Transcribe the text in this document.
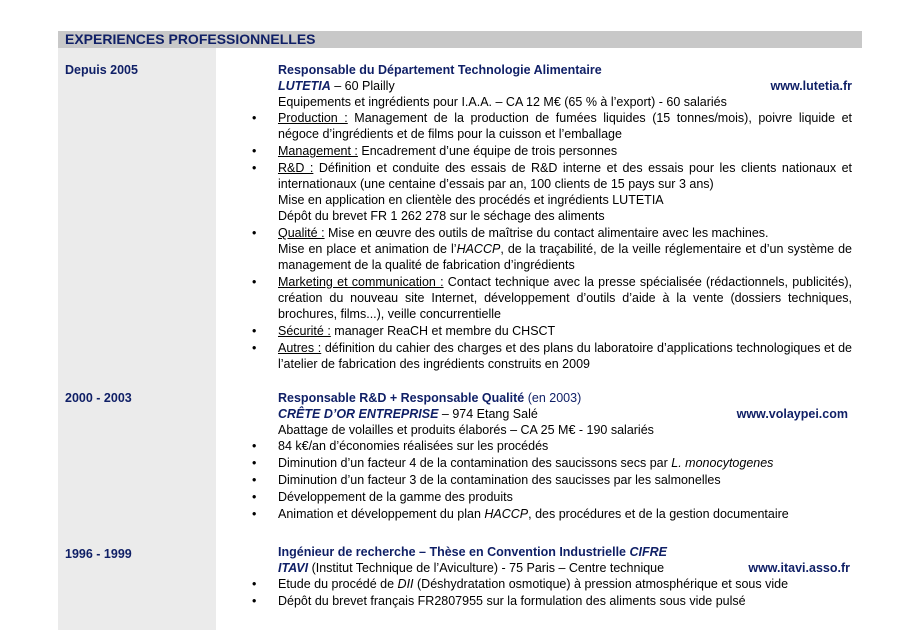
EXPERIENCES PROFESSIONNELLES
Depuis 2005	Responsable du Département Technologie Alimentaire
LUTETIA – 60 Plailly	www.lutetia.fr
Equipements et ingrédients pour I.A.A. – CA 12 M€ (65 % à l’export) - 60 salariés
• Production : Management de la production de fumées liquides (15 tonnes/mois), poivre liquide et négoce d’ingrédients et de films pour la cuisson et l’emballage
• Management : Encadrement d’une équipe de trois personnes
• R&D : Définition et conduite des essais de R&D interne et des essais pour les clients nationaux et internationaux (une centaine d’essais par an, 100 clients de 15 pays sur 3 ans)
Mise en application en clientèle des procédés et ingrédients LUTETIA
Dépôt du brevet FR 1 262 278 sur le séchage des aliments
• Qualité : Mise en œuvre des outils de maîtrise du contact alimentaire avec les machines.
Mise en place et animation de l’HACCP, de la traçabilité, de la veille réglementaire et d’un système de management de la qualité de fabrication d’ingrédients
• Marketing et communication : Contact technique avec la presse spécialisée (rédactionnels, publicités), création du nouveau site Internet, développement d’outils d’aide à la vente (dossiers techniques, brochures, films...), veille concurrentielle
• Sécurité : manager ReaCH et membre du CHSCT
• Autres : définition du cahier des charges et des plans du laboratoire d’applications technologiques et de l’atelier de fabrication des ingrédients construits en 2009
2000 - 2003	Responsable R&D + Responsable Qualité (en 2003)
CRÊTE D’OR ENTREPRISE – 974 Etang Salé	www.volaypei.com
Abattage de volailles et produits élaborés – CA 25 M€ - 190 salariés
• 84 k€/an d’économies réalisées sur les procédés
• Diminution d’un facteur 4 de la contamination des saucissons secs par L. monocytogenes
• Diminution d’un facteur 3 de la contamination des saucisses par les salmonelles
• Développement de la gamme des produits
• Animation et développement du plan HACCP, des procédures et de la gestion documentaire
1996 - 1999	Ingénieur de recherche – Thèse en Convention Industrielle CIFRE
ITAVI (Institut Technique de l’Aviculture) - 75 Paris – Centre technique	www.itavi.asso.fr
• Etude du procédé de DII (Déshydratation osmotique) à pression atmosphérique et sous vide
• Dépôt du brevet français FR2807955 sur la formulation des aliments sous vide pulsé
